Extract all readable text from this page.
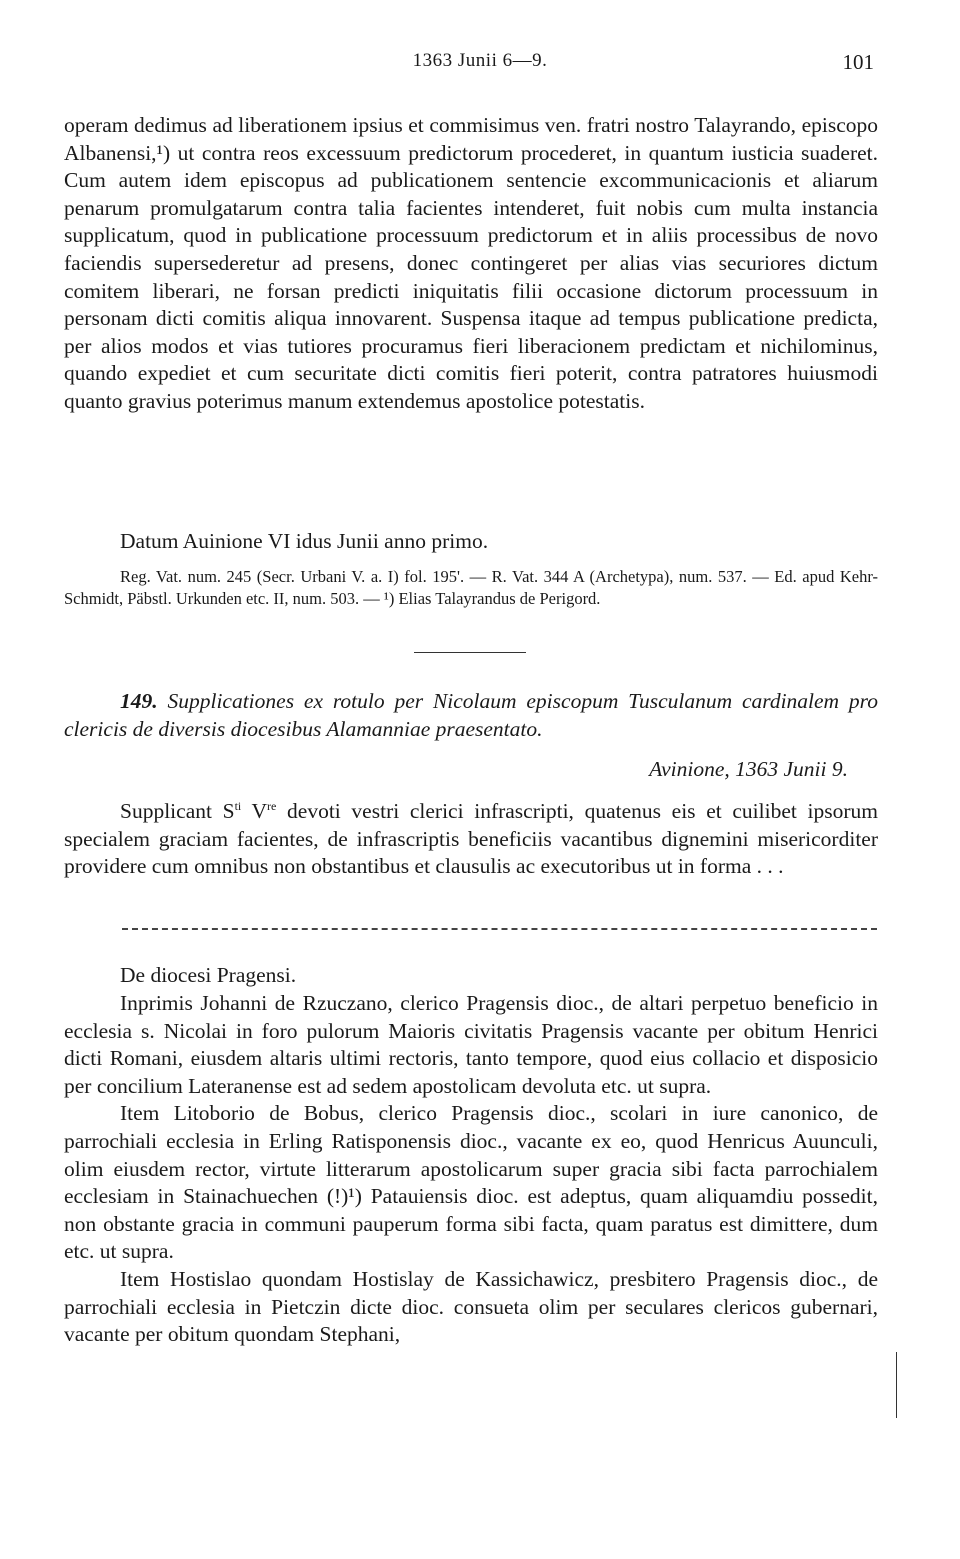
1363 Junii 6—9.	101

operam dedimus ad liberationem ipsius et commisimus ven. fratri nostro Talayrando, episcopo Albanensi,¹) ut contra reos excessuum predictorum procederet, in quantum iusticia suaderet. Cum autem idem episcopus ad publicationem sentencie excommunicacionis et aliarum penarum promulgatarum contra talia facientes intenderet, fuit nobis cum multa instancia supplicatum, quod in publicatione processuum predictorum et in aliis processibus de novo faciendis supersederetur ad presens, donec contingeret per alias vias securiores dictum comitem liberari, ne forsan predicti iniquitatis filii occasione dictorum processuum in personam dicti comitis aliqua innovarent. Suspensa itaque ad tempus publicatione predicta, per alios modos et vias tutiores procuramus fieri liberacionem predictam et nichilominus, quando expediet et cum securitate dicti comitis fieri poterit, contra patratores huiusmodi quanto gravius poterimus manum extendemus apostolice potestatis.

Datum Auinione VI idus Junii anno primo.

Reg. Vat. num. 245 (Secr. Urbani V. a. I) fol. 195'. — R. Vat. 344 A (Archetypa), num. 537. — Ed. apud Kehr-Schmidt, Päbstl. Urkunden etc. II, num. 503. — ¹) Elias Talayrandus de Perigord.

149. Supplicationes ex rotulo per Nicolaum episcopum Tusculanum cardinalem pro clericis de diversis diocesibus Alamanniae praesentato.

Avinione, 1363 Junii 9.

Supplicant $S^{ti}$ Vre devoti vestri clerici infrascripti, quatenus eis et cuilibet ipsorum specialem graciam facientes, de infrascriptis beneficiis vacantibus dignemini misericorditer providere cum omnibus non obstantibus et clausulis ac executoribus ut in forma . . .

De diocesi Pragensi.

Inprimis Johanni de Rzuczano, clerico Pragensis dioc., de altari perpetuo beneficio in ecclesia s. Nicolai in foro pulorum Maioris civitatis Pragensis vacante per obitum Henrici dicti Romani, eiusdem altaris ultimi rectoris, tanto tempore, quod eius collacio et disposicio per concilium Lateranense est ad sedem apostolicam devoluta etc. ut supra.

Item Litoborio de Bobus, clerico Pragensis dioc., scolari in iure canonico, de parrochiali ecclesia in Erling Ratisponensis dioc., vacante ex eo, quod Henricus Auunculi, olim eiusdem rector, virtute litterarum apostolicarum super gracia sibi facta parrochialem ecclesiam in Stainachuechen (!)¹) Patauiensis dioc. est adeptus, quam aliquamdiu possedit, non obstante gracia in communi pauperum forma sibi facta, quam paratus est dimittere, dum etc. ut supra.

Item Hostislao quondam Hostislay de Kassichawicz, presbitero Pragensis dioc., de parrochiali ecclesia in Pietczin dicte dioc. consueta olim per seculares clericos gubernari, vacante per obitum quondam Stephani,
